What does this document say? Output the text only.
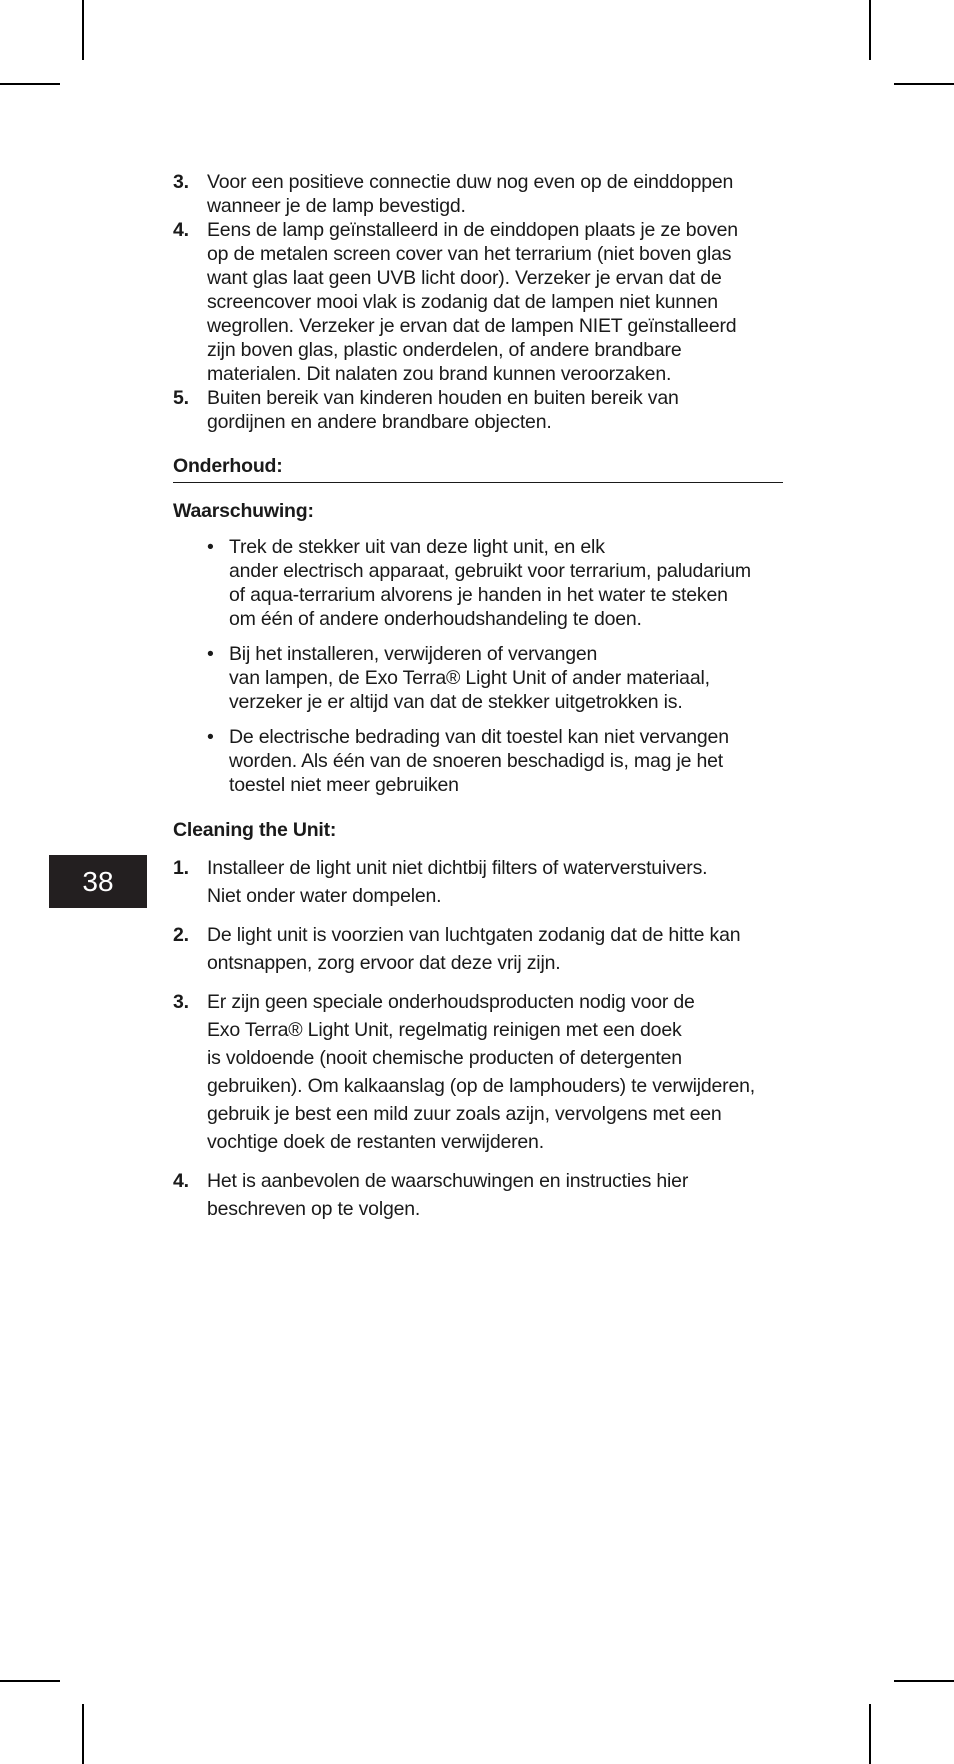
3. Voor een positieve connectie duw nog even op de einddoppen
wanneer je de lamp bevestigd.
4. Eens de lamp geïnstalleerd in de einddopen plaats je ze boven
op de metalen screen cover van het terrarium (niet boven glas
want glas laat geen UVB licht door). Verzeker je ervan dat de
screencover mooi vlak is zodanig dat de lampen niet kunnen
wegrollen. Verzeker je ervan dat de lampen NIET geïnstalleerd
zijn boven glas, plastic onderdelen, of andere brandbare
materialen. Dit nalaten zou brand kunnen veroorzaken.
5. Buiten bereik van kinderen houden en buiten bereik van
gordijnen en andere brandbare objecten.
Onderhoud:
Waarschuwing:
• Trek de stekker uit van deze light unit, en elk
ander electrisch apparaat, gebruikt voor terrarium, paludarium
of aqua-terrarium alvorens je handen in het water te steken
om één of andere onderhoudshandeling te doen.
• Bij het installeren, verwijderen of vervangen
van lampen, de Exo Terra® Light Unit of ander materiaal,
verzeker je er altijd van dat de stekker uitgetrokken is.
• De electrische bedrading van dit toestel kan niet vervangen
worden. Als één van de snoeren beschadigd is, mag je het
toestel niet meer gebruiken
Cleaning the Unit:
1. Installeer de light unit niet dichtbij filters of waterverstuivers.
Niet onder water dompelen.
2. De light unit is voorzien van luchtgaten zodanig dat de hitte kan
ontsnappen, zorg ervoor dat deze vrij zijn.
3. Er zijn geen speciale onderhoudsproducten nodig voor de
Exo Terra® Light Unit, regelmatig reinigen met een doek
is voldoende (nooit chemische producten of detergenten
gebruiken). Om kalkaanslag (op de lamphouders) te verwijderen,
gebruik je best een mild zuur zoals azijn, vervolgens met een
vochtige doek de restanten verwijderen.
4. Het is aanbevolen de waarschuwingen en instructies hier
beschreven op te volgen.
38
